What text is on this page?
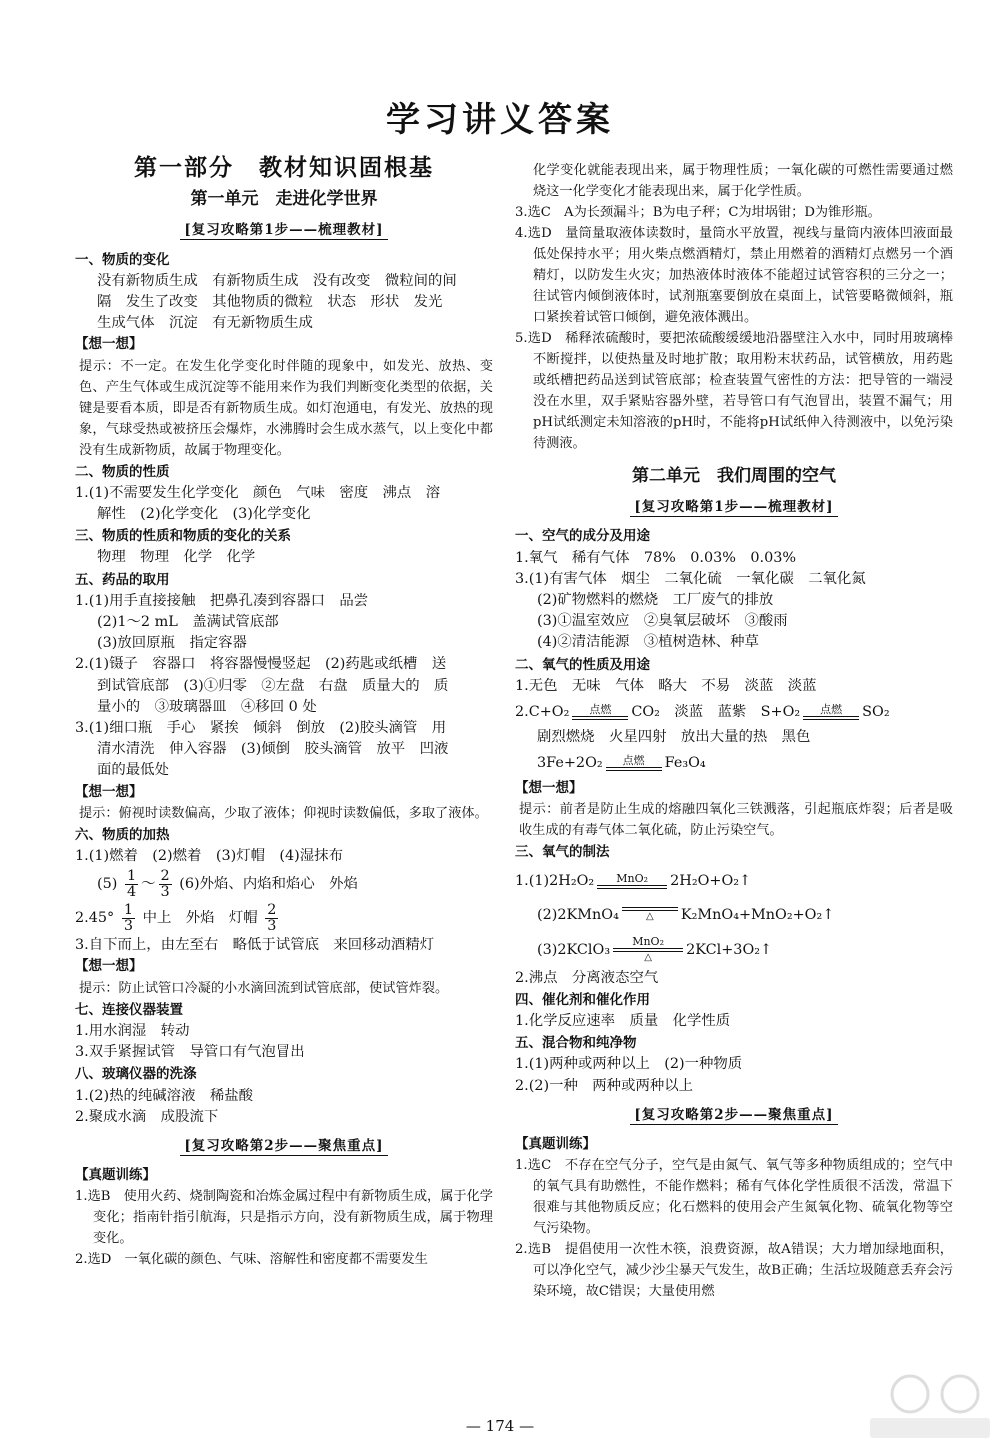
学习讲义答案
第一部分　教材知识固根基
第一单元　走进化学世界
[复习攻略第1步——梳理教材]

一、物质的变化

没有新物质生成　有新物质生成　没有改变　微粒间的间

隔　发生了改变　其他物质的微粒　状态　形状　发光

生成气体　沉淀　有无新物质生成

【想一想】

提示：不一定。在发生化学变化时伴随的现象中，如发光、放热、变色、产生气体或生成沉淀等不能用来作为我们判断变化类型的依据，关键是要看本质，即是否有新物质生成。如灯泡通电，有发光、放热的现象，气球受热或被挤压会爆炸，水沸腾时会生成水蒸气，以上变化中都没有生成新物质，故属于物理变化。

二、物质的性质

1.(1)不需要发生化学变化　颜色　气味　密度　沸点　溶

解性　(2)化学变化　(3)化学变化

三、物质的性质和物质的变化的关系

物理　物理　化学　化学

五、药品的取用

1.(1)用手直接接触　把鼻孔凑到容器口　品尝

(2)1～2 mL　盖满试管底部

(3)放回原瓶　指定容器

2.(1)镊子　容器口　将容器慢慢竖起　(2)药匙或纸槽　送

到试管底部　(3)①归零　②左盘　右盘　质量大的　质

量小的　③玻璃器皿　④移回 0 处

3.(1)细口瓶　手心　紧挨　倾斜　倒放　(2)胶头滴管　用

清水清洗　伸入容器　(3)倾倒　胶头滴管　放平　凹液

面的最低处

【想一想】

提示：俯视时读数偏高，少取了液体；仰视时读数偏低，多取了液体。

六、物质的加热

1.(1)燃着　(2)燃着　(3)灯帽　(4)湿抹布

$(5) \frac{1}{4}$ ～ $\frac{2}{3} (6)$外焰、内焰和焰心　外焰

$2.45^\circ \frac{1}{3}$ 中上　外焰　灯帽 $\frac{2}{3}$

3.自下而上，由左至右　略低于试管底　来回移动酒精灯

【想一想】

提示：防止试管口冷凝的小水滴回流到试管底部，使试管炸裂。

七、连接仪器装置

1.用水润湿　转动

3.双手紧握试管　导管口有气泡冒出

八、玻璃仪器的洗涤

1.(2)热的纯碱溶液　稀盐酸

2.聚成水滴　成股流下

[复习攻略第2步——聚焦重点]

【真题训练】

1.选B　使用火药、烧制陶瓷和冶炼金属过程中有新物质生成，属于化学变化；指南针指引航海，只是指示方向，没有新物质生成，属于物理变化。

2.选D　一氧化碳的颜色、气味、溶解性和密度都不需要发生

化学变化就能表现出来，属于物理性质；一氧化碳的可燃性需要通过燃烧这一化学变化才能表现出来，属于化学性质。

3.选C　A为长颈漏斗；B为电子秤；C为坩埚钳；D为锥形瓶。

4.选D　量筒量取液体读数时，量筒水平放置，视线与量筒内液体凹液面最低处保持水平；用火柴点燃酒精灯，禁止用燃着的酒精灯点燃另一个酒精灯，以防发生火灾；加热液体时液体不能超过试管容积的三分之一；往试管内倾倒液体时，试剂瓶塞要倒放在桌面上，试管要略微倾斜，瓶口紧挨着试管口倾倒，避免液体溅出。

5.选D　稀释浓硫酸时，要把浓硫酸缓缓地沿器壁注入水中，同时用玻璃棒不断搅拌，以使热量及时地扩散；取用粉末状药品，试管横放，用药匙或纸槽把药品送到试管底部；检查装置气密性的方法：把导管的一端浸没在水里，双手紧贴容器外壁，若导管口有气泡冒出，装置不漏气；用pH试纸测定未知溶液的pH时，不能将pH试纸伸入待测液中，以免污染待测液。

第二单元　我们周围的空气
[复习攻略第1步——梳理教材]

一、空气的成分及用途

1.氧气　稀有气体　78%　0.03%　0.03%

3.(1)有害气体　烟尘　二氧化硫　一氧化碳　二氧化氮

(2)矿物燃料的燃烧　工厂废气的排放

(3)①温室效应　②臭氧层破坏　③酸雨

(4)②清洁能源　③植树造林、种草

二、氧气的性质及用途

1.无色　无味　气体　略大　不易　淡蓝　淡蓝

2.C+O₂	点燃	CO₂　淡蓝　蓝紫　S+O₂	点燃	SO₂

剧烈燃烧　火星四射　放出大量的热　黑色

3Fe+2O₂	点燃	Fe₃O₄

【想一想】

提示：前者是防止生成的熔融四氧化三铁溅落，引起瓶底炸裂；后者是吸收生成的有毒气体二氧化硫，防止污染空气。

三、氧气的制法

1.(1)2H₂O₂	MnO₂	2H₂O+O₂↑

(2)2KMnO₄	△	K₂MnO₄+MnO₂+O₂↑

(3)2KClO₃
MnO₂
△	2KCl+3O₂↑

2.沸点　分离液态空气

四、催化剂和催化作用

1.化学反应速率　质量　化学性质

五、混合物和纯净物

1.(1)两种或两种以上　(2)一种物质

2.(2)一种　两种或两种以上

[复习攻略第2步——聚焦重点]

【真题训练】

1.选C　不存在空气分子，空气是由氮气、氧气等多种物质组成的；空气中的氧气具有助燃性，不能作燃料；稀有气体化学性质很不活泼，常温下很难与其他物质反应；化石燃料的使用会产生氮氧化物、硫氧化物等空气污染物。

2.选B　提倡使用一次性木筷，浪费资源，故A错误；大力增加绿地面积，可以净化空气，减少沙尘暴天气发生，故B正确；生活垃圾随意丢弃会污染环境，故C错误；大量使用燃

— 174 —
